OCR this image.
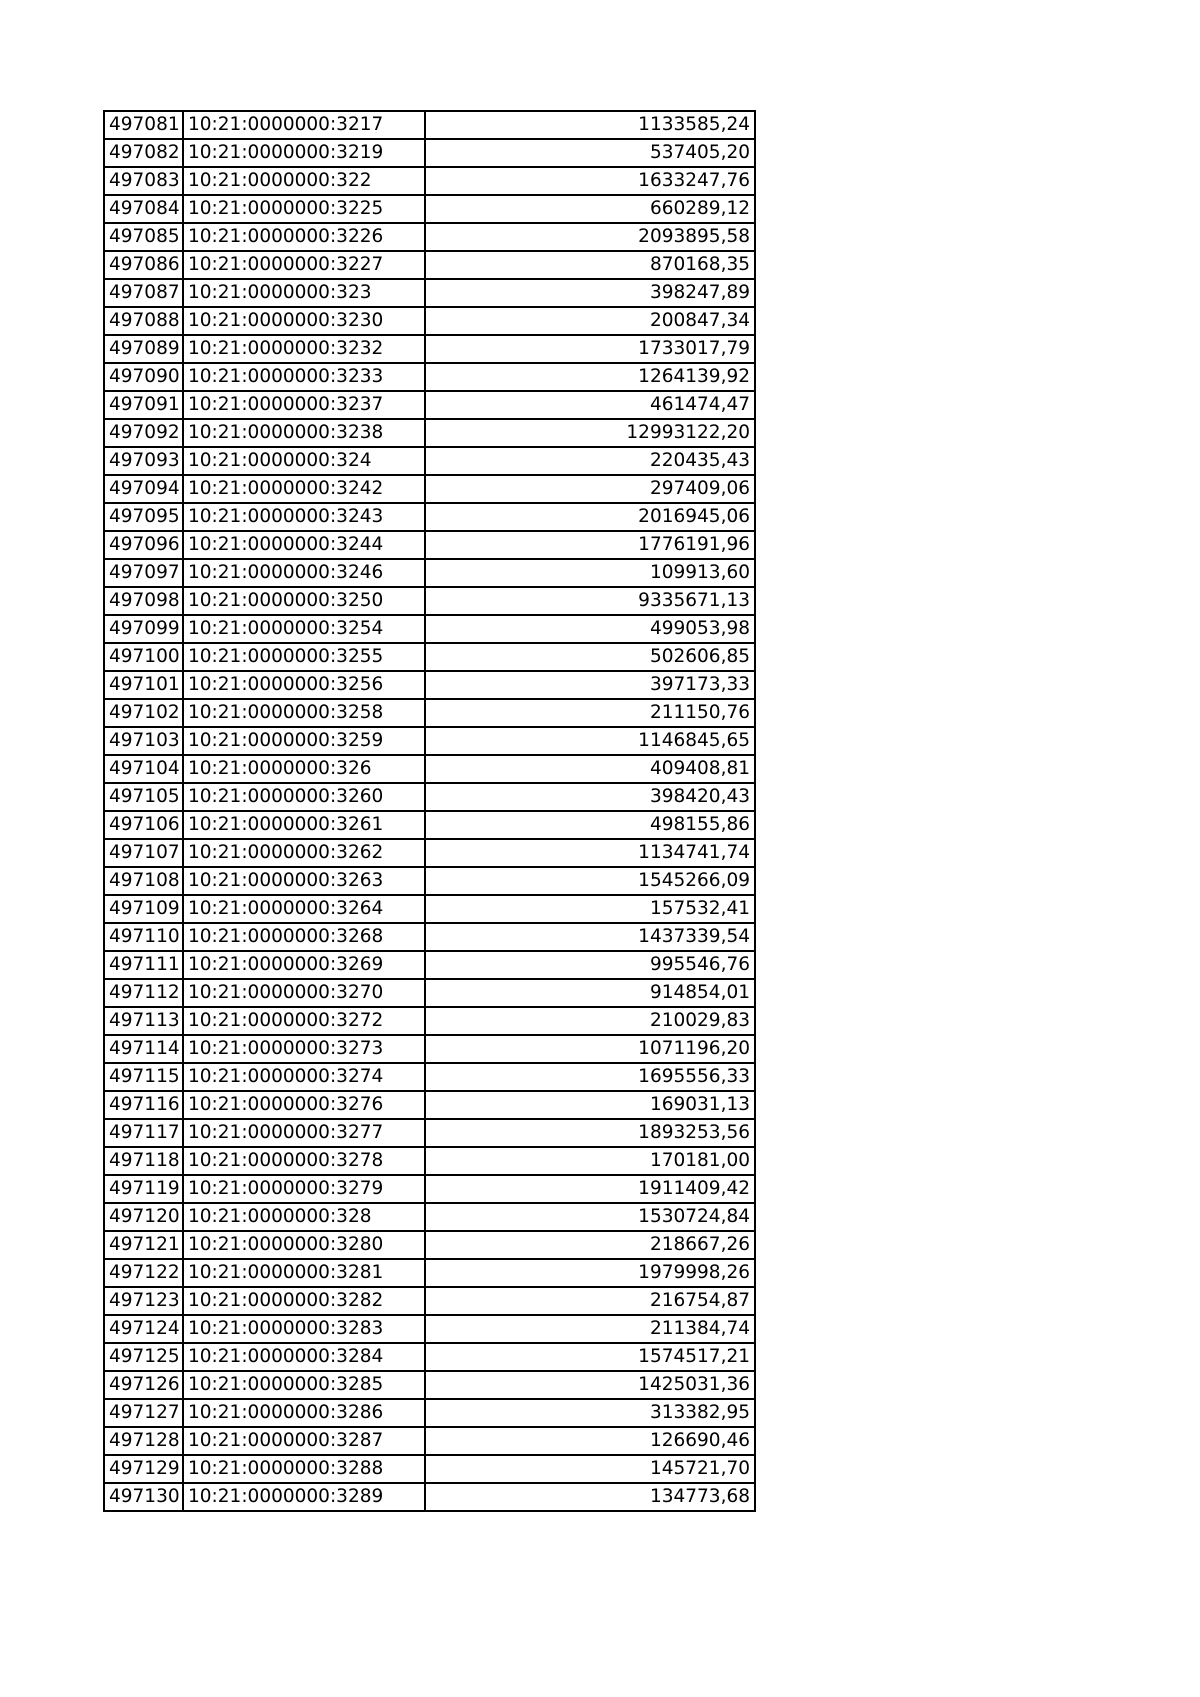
497081	10:21:0000000:3217	1133585,24
497082	10:21:0000000:3219	537405,20
497083	10:21:0000000:322	1633247,76
497084	10:21:0000000:3225	660289,12
497085	10:21:0000000:3226	2093895,58
497086	10:21:0000000:3227	870168,35
497087	10:21:0000000:323	398247,89
497088	10:21:0000000:3230	200847,34
497089	10:21:0000000:3232	1733017,79
497090	10:21:0000000:3233	1264139,92
497091	10:21:0000000:3237	461474,47
497092	10:21:0000000:3238	12993122,20
497093	10:21:0000000:324	220435,43
497094	10:21:0000000:3242	297409,06
497095	10:21:0000000:3243	2016945,06
497096	10:21:0000000:3244	1776191,96
497097	10:21:0000000:3246	109913,60
497098	10:21:0000000:3250	9335671,13
497099	10:21:0000000:3254	499053,98
497100	10:21:0000000:3255	502606,85
497101	10:21:0000000:3256	397173,33
497102	10:21:0000000:3258	211150,76
497103	10:21:0000000:3259	1146845,65
497104	10:21:0000000:326	409408,81
497105	10:21:0000000:3260	398420,43
497106	10:21:0000000:3261	498155,86
497107	10:21:0000000:3262	1134741,74
497108	10:21:0000000:3263	1545266,09
497109	10:21:0000000:3264	157532,41
497110	10:21:0000000:3268	1437339,54
497111	10:21:0000000:3269	995546,76
497112	10:21:0000000:3270	914854,01
497113	10:21:0000000:3272	210029,83
497114	10:21:0000000:3273	1071196,20
497115	10:21:0000000:3274	1695556,33
497116	10:21:0000000:3276	169031,13
497117	10:21:0000000:3277	1893253,56
497118	10:21:0000000:3278	170181,00
497119	10:21:0000000:3279	1911409,42
497120	10:21:0000000:328	1530724,84
497121	10:21:0000000:3280	218667,26
497122	10:21:0000000:3281	1979998,26
497123	10:21:0000000:3282	216754,87
497124	10:21:0000000:3283	211384,74
497125	10:21:0000000:3284	1574517,21
497126	10:21:0000000:3285	1425031,36
497127	10:21:0000000:3286	313382,95
497128	10:21:0000000:3287	126690,46
497129	10:21:0000000:3288	145721,70
497130	10:21:0000000:3289	134773,68
